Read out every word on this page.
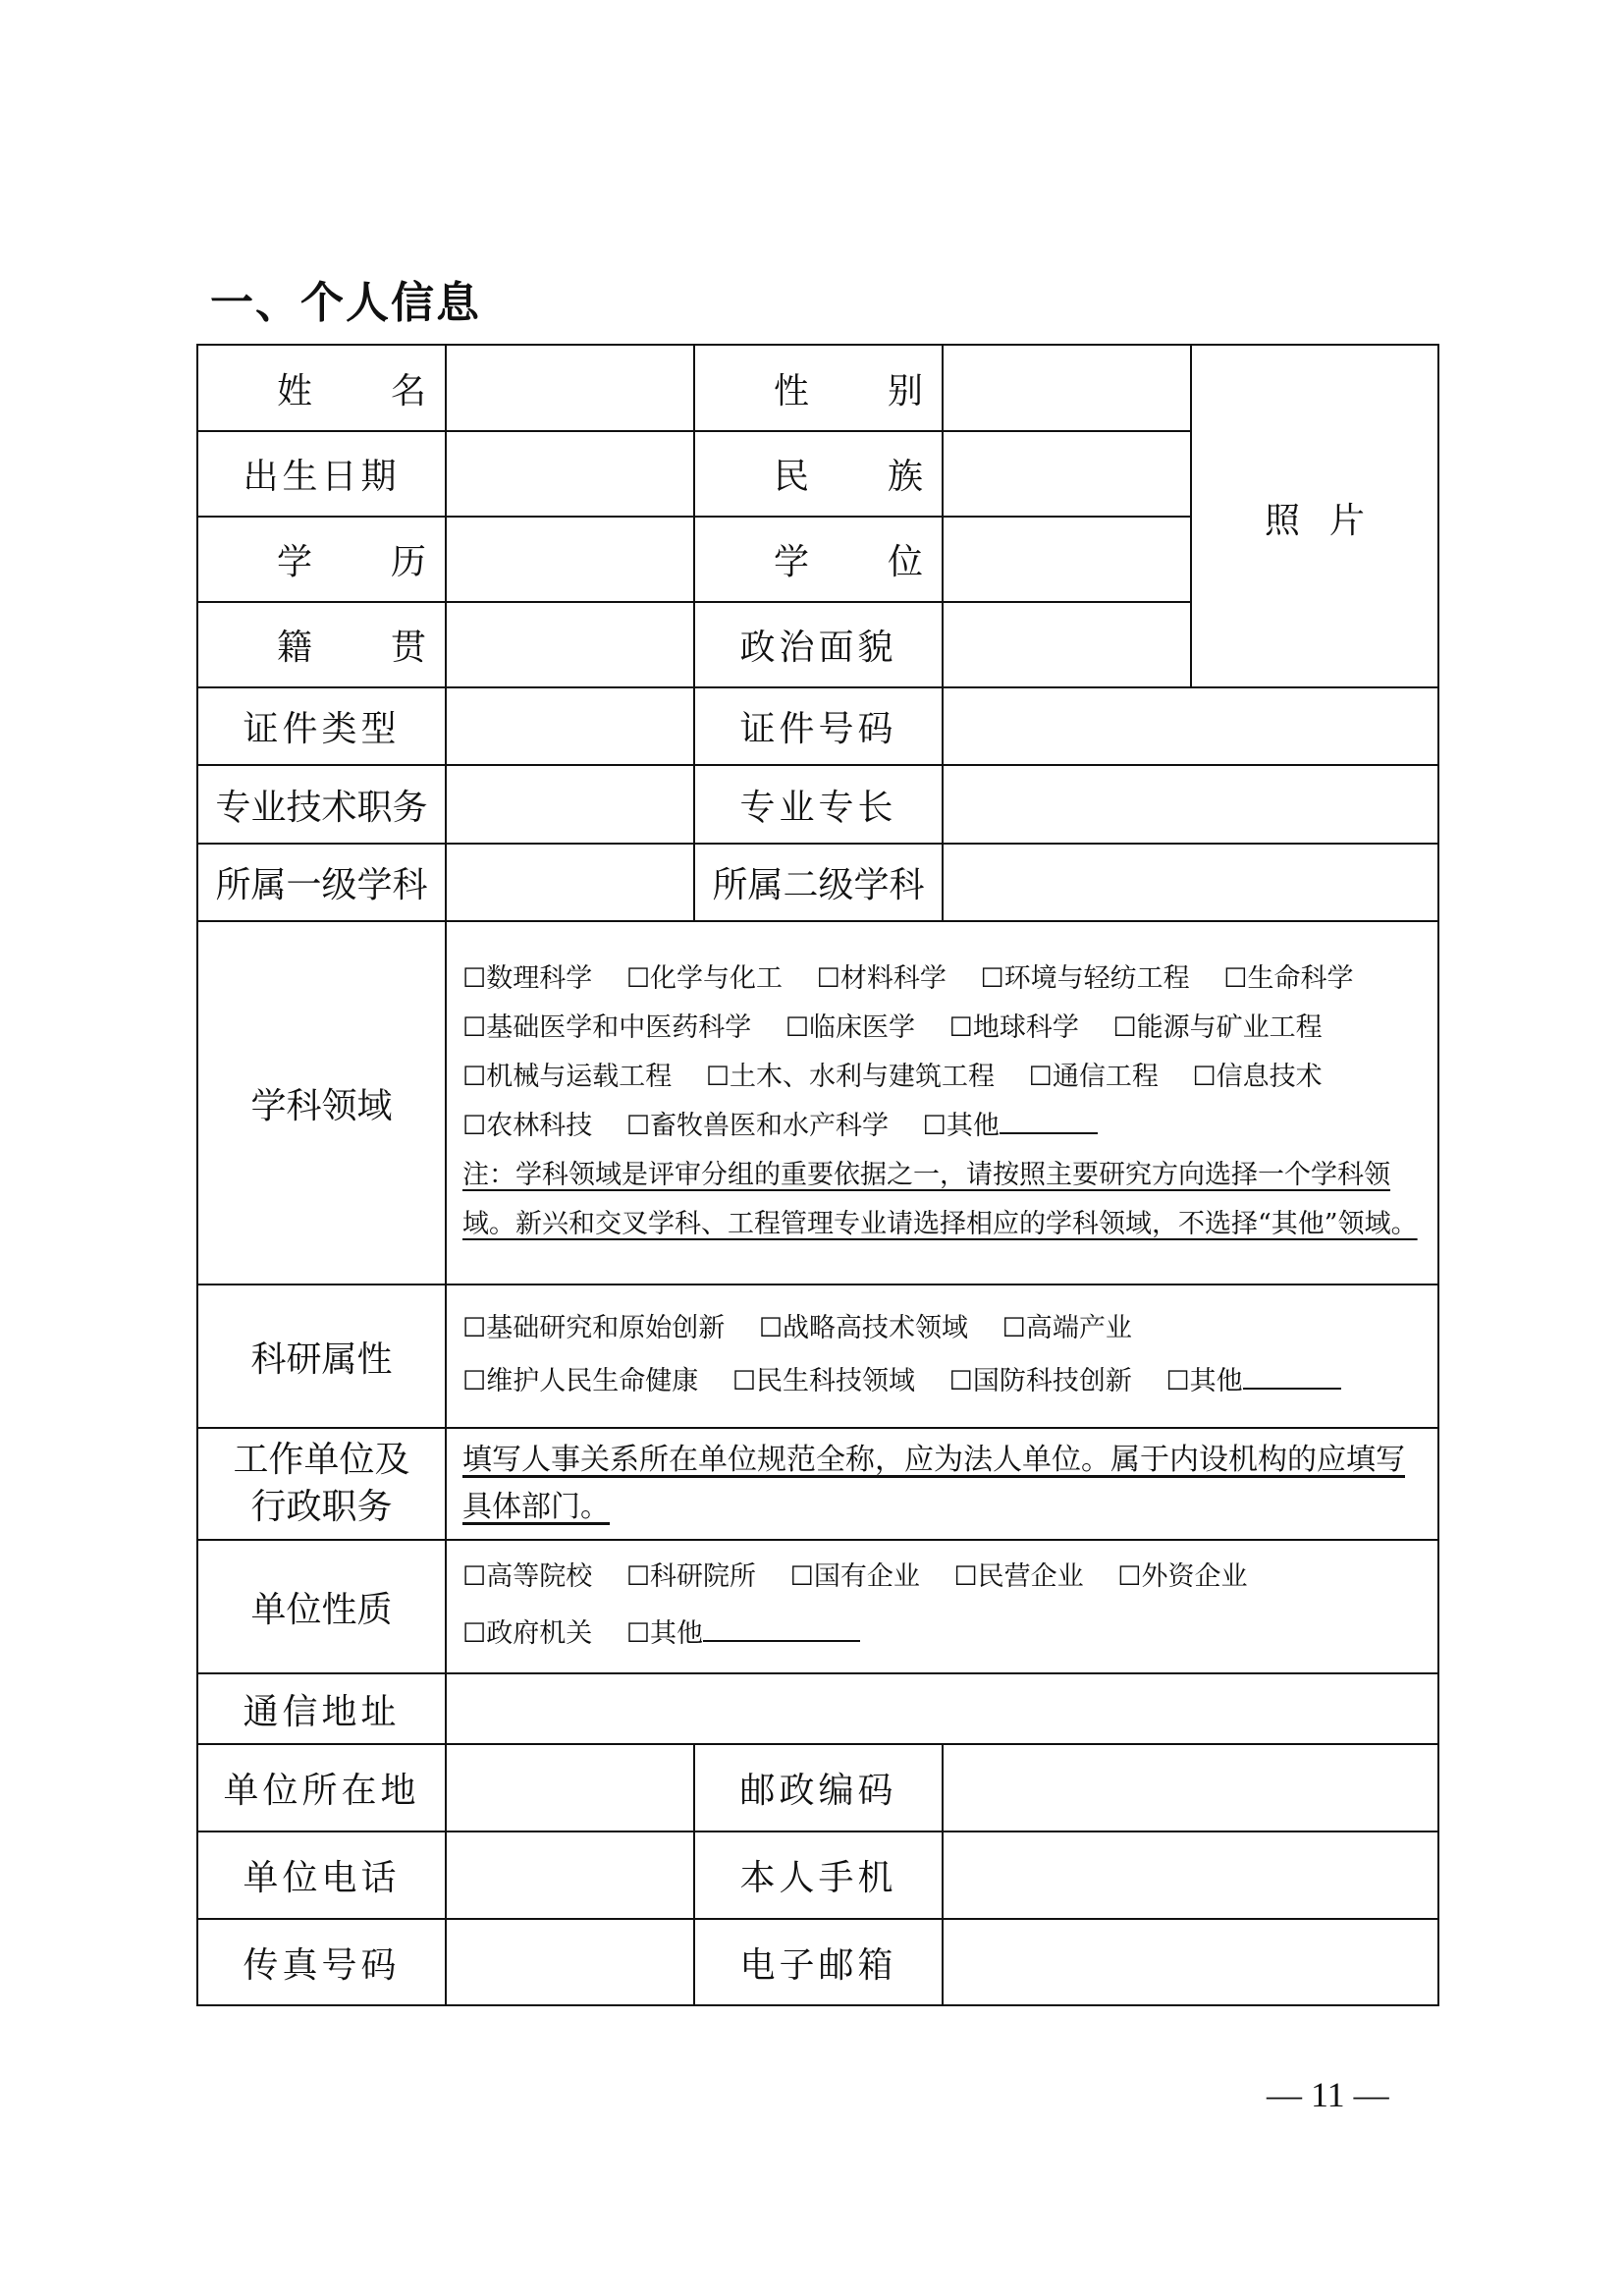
一、个人信息
姓名		性别		照片

出生日期		民族		
学历		学位		
籍贯		政治面貌		
证件类型		证件号码		
专业技术职务		专业专长		
所属一级学科		所属二级学科		
学科领域	☐数理科学 ☐化学与化工 ☐材料科学 ☐环境与轻纺工程 ☐生命科学
☐基础医学和中医药科学 ☐临床医学 ☐地球科学 ☐能源与矿业工程
☐机械与运载工程 ☐土木、水利与建筑工程 ☐通信工程 ☐信息技术
☐农林科技 ☐畜牧兽医和水产科学 ☐其他
注：学科领域是评审分组的重要依据之一，请按照主要研究方向选择一个学科领域。新兴和交叉学科、工程管理专业请选择相应的学科领域，不选择“其他”领域。			

科研属性	☐基础研究和原始创新 ☐战略高技术领域 ☐高端产业
☐维护人民生命健康 ☐民生科技领域 ☐国防科技创新 ☐其他			

工作单位及
行政职务	填写人事关系所在单位规范全称，应为法人单位。属于内设机构的应填写具体部门。			
单位性质	☐高等院校 ☐科研院所 ☐国有企业 ☐民营企业 ☐外资企业
☐政府机关 ☐其他			

通信地址				
单位所在地		邮政编码		
单位电话		本人手机		
传真号码		电子邮箱		
— 11 —
